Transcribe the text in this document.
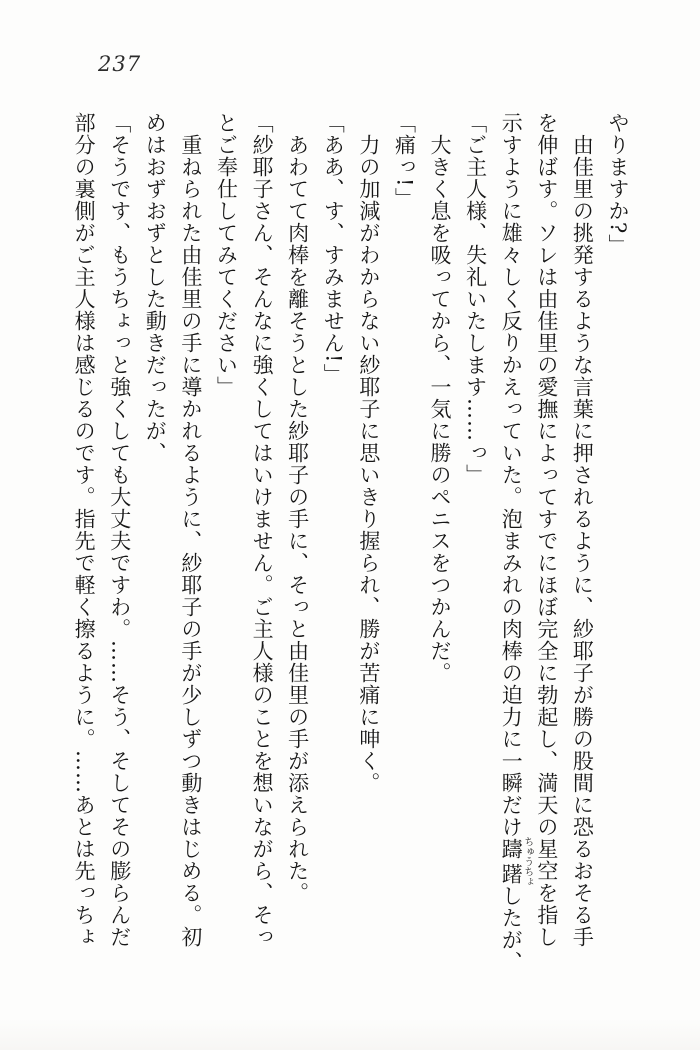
237

やりますか?」

由佳里の挑発するような言葉に押されるように、紗耶子が勝の股間に恐るおそる手を伸ばす。ソレは由佳里の愛撫によってすでにほぼ完全に勃起し、満天の星空を指し示すように雄々しく反りかえっていた。泡まみれの肉棒の迫力に一瞬だけ躊躇ちゅうちょしたが、

「ご主人様、失礼いたします……っ」

大きく息を吸ってから、一気に勝のペニスをつかんだ。

「痛っ!」

力の加減がわからない紗耶子に思いきり握られ、勝が苦痛に呻く。

「ああ、す、すみません!」

あわてて肉棒を離そうとした紗耶子の手に、そっと由佳里の手が添えられた。

「紗耶子さん、そんなに強くしてはいけません。ご主人様のことを想いながら、そっとご奉仕してみてください」

重ねられた由佳里の手に導かれるように、紗耶子の手が少しずつ動きはじめる。初めはおずおずとした動きだったが、

「そうです、もうちょっと強くしても大丈夫ですわ。……そう、そしてその膨らんだ部分の裏側がご主人様は感じるのです。指先で軽く擦るように。……あとは先っちょ
